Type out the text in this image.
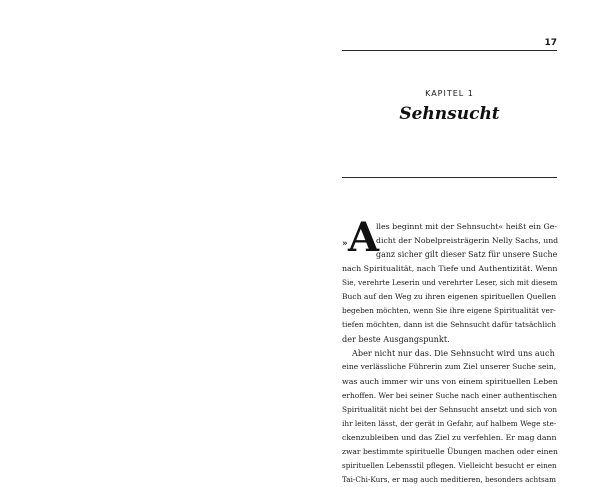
17
KAPITEL 1
Sehnsucht
» A
lles beginnt mit der Sehnsucht« heißt ein Ge-
dicht der Nobelpreisträgerin Nelly Sachs, und
ganz sicher gilt dieser Satz für unsere Suche
nach Spiritualität, nach Tiefe und Authentizität. Wenn
Sie, verehrte Leserin und verehrter Leser, sich mit diesem
Buch auf den Weg zu ihren eigenen spirituellen Quellen
begeben möchten, wenn Sie ihre eigene Spiritualität ver-
tiefen möchten, dann ist die Sehnsucht dafür tatsächlich
der beste Ausgangspunkt.
Aber nicht nur das. Die Sehnsucht wird uns auch
eine verlässliche Führerin zum Ziel unserer Suche sein,
was auch immer wir uns von einem spirituellen Leben
erhoffen. Wer bei seiner Suche nach einer authentischen
Spiritualität nicht bei der Sehnsucht ansetzt und sich von
ihr leiten lässt, der gerät in Gefahr, auf halbem Wege ste-
ckenzubleiben und das Ziel zu verfehlen. Er mag dann
zwar bestimmte spirituelle Übungen machen oder einen
spirituellen Lebensstil pflegen. Vielleicht besucht er einen
Tai-Chi-Kurs, er mag auch meditieren, besonders achtsam
